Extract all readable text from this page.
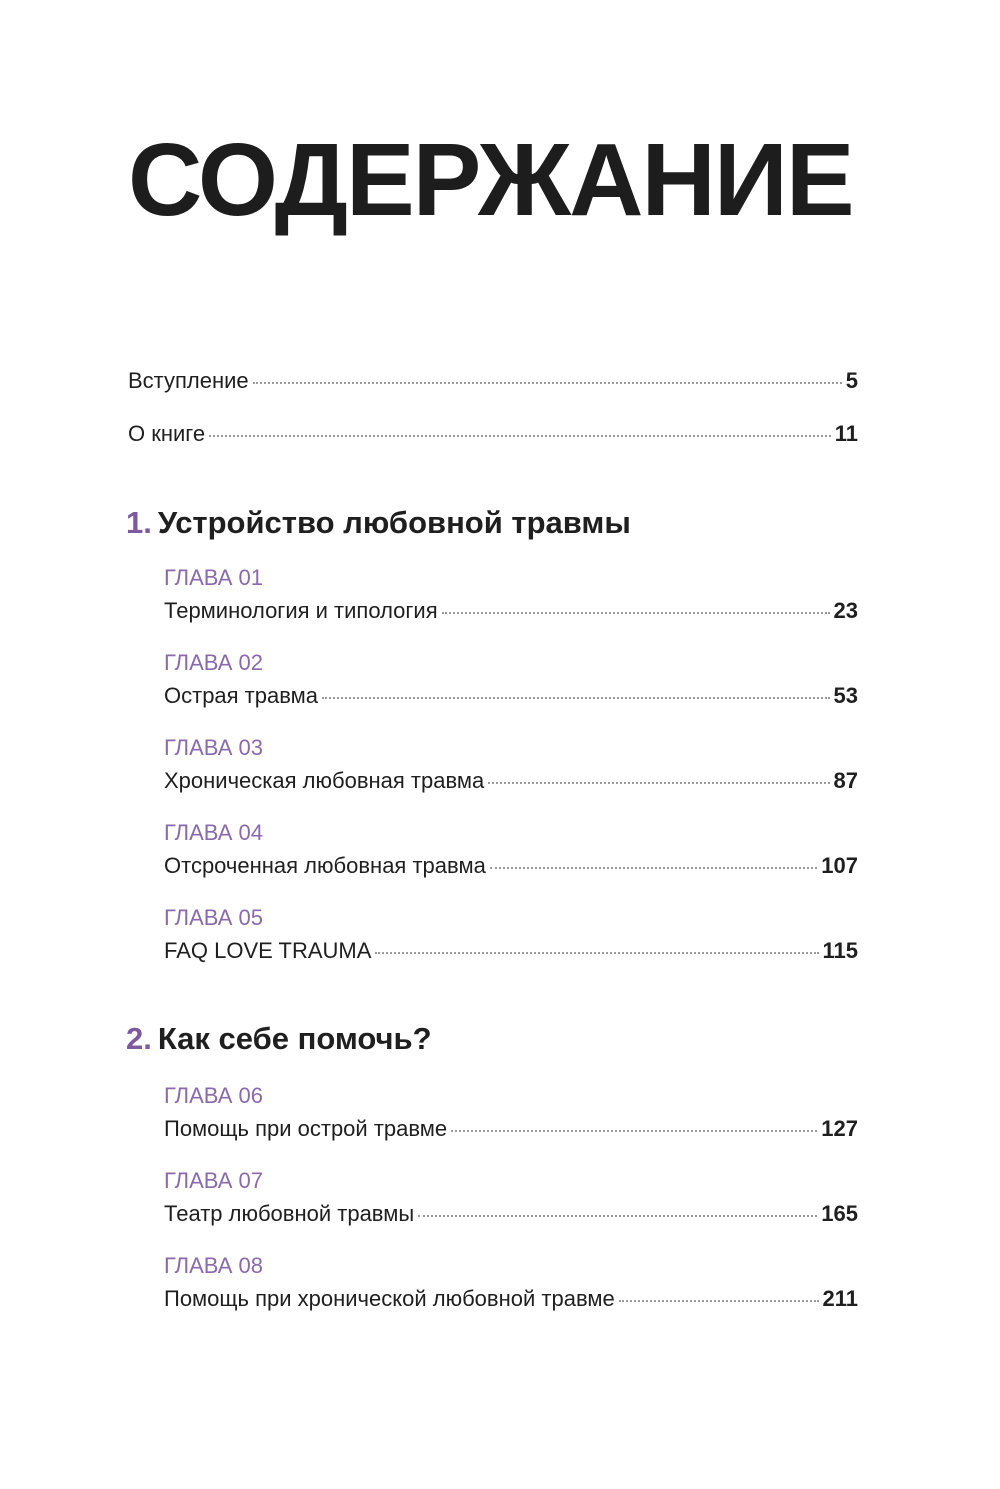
СОДЕРЖАНИЕ
Вступление	5
О книге	11
1. Устройство любовной травмы
ГЛАВА 01
Терминология и типология	23
ГЛАВА 02
Острая травма	53
ГЛАВА 03
Хроническая любовная травма	87
ГЛАВА 04
Отсроченная любовная травма	107
ГЛАВА 05
FAQ LOVE TRAUMA	115
2. Как себе помочь?
ГЛАВА 06
Помощь при острой травме	127
ГЛАВА 07
Театр любовной травмы	165
ГЛАВА 08
Помощь при хронической любовной травме	211
